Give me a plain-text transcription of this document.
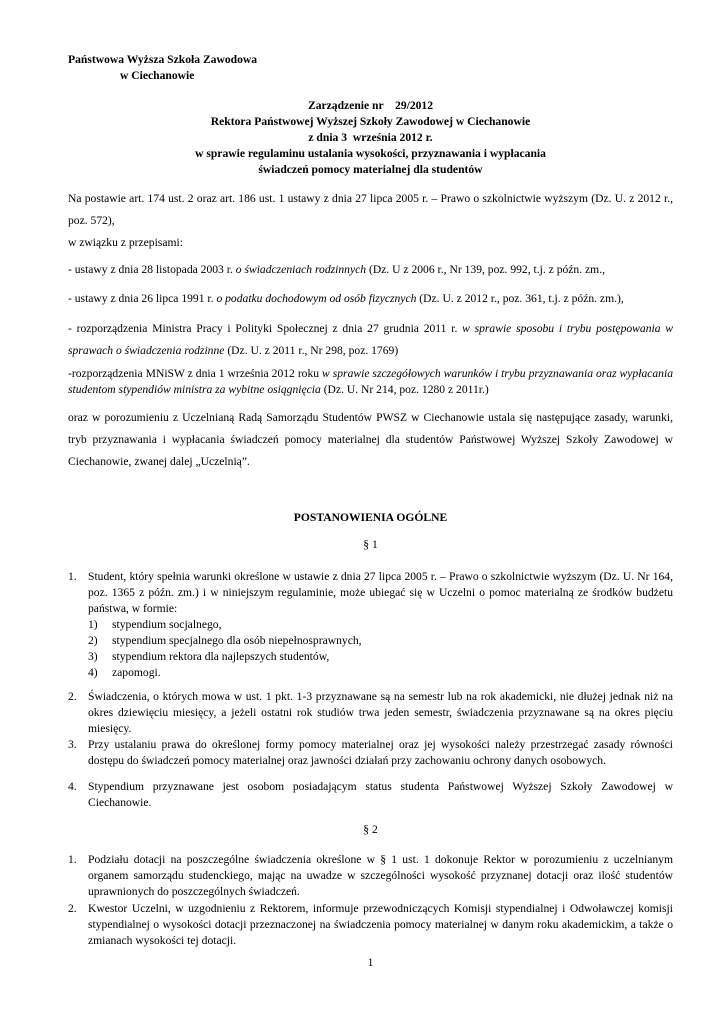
Państwowa Wyższa Szkoła Zawodowa

w Ciechanowie

Zarządzenie nr    29/2012
Rektora Państwowej Wyższej Szkoły Zawodowej w Ciechanowie
z dnia 3  września 2012 r.
w sprawie regulaminu ustalania wysokości, przyznawania i wypłacania
świadczeń pomocy materialnej dla studentów

Na postawie art. 174 ust. 2 oraz art. 186 ust. 1 ustawy z dnia 27 lipca 2005 r. – Prawo o szkolnictwie wyższym (Dz. U. z 2012 r., poz. 572),

w związku z przepisami:

- ustawy z dnia 28 listopada 2003 r. o świadczeniach rodzinnych (Dz. U z 2006 r., Nr 139, poz. 992, t.j. z późn. zm.,

- ustawy z dnia 26 lipca 1991 r. o podatku dochodowym od osób fizycznych (Dz. U. z 2012 r., poz. 361, t.j. z późn. zm.),

- rozporządzenia Ministra Pracy i Polityki Społecznej z dnia 27 grudnia 2011 r. w sprawie sposobu i trybu postępowania w sprawach o świadczenia rodzinne (Dz. U. z 2011 r., Nr 298, poz. 1769)

-rozporządzenia MNiSW z dnia 1 września 2012 roku w sprawie szczegółowych warunków i trybu przyznawania oraz wypłacania studentom stypendiów ministra za wybitne osiągnięcia (Dz. U. Nr 214, poz. 1280 z 2011r.)

oraz w porozumieniu z Uczelnianą Radą Samorządu Studentów PWSZ w Ciechanowie ustala się następujące zasady, warunki, tryb przyznawania i wypłacania świadczeń pomocy materialnej dla studentów Państwowej Wyższej Szkoły Zawodowej w Ciechanowie, zwanej dalej „Uczelnią”.

POSTANOWIENIA OGÓLNE

§ 1

1. Student, który spełnia warunki określone w ustawie z dnia 27 lipca 2005 r. – Prawo o szkolnictwie wyższym (Dz. U. Nr 164, poz. 1365 z późn. zm.) i w niniejszym regulaminie, może ubiegać się w Uczelni o pomoc materialną ze środków budżetu państwa, w formie:

1) stypendium socjalnego,
2) stypendium specjalnego dla osób niepełnosprawnych,
3) stypendium rektora dla najlepszych studentów,
4) zapomogi.
2. Świadczenia, o których mowa w ust. 1 pkt. 1-3 przyznawane są na semestr lub na rok akademicki, nie dłużej jednak niż na okres dziewięciu miesięcy, a jeżeli ostatni rok studiów trwa jeden semestr, świadczenia przyznawane są na okres pięciu miesięcy.

3. Przy ustalaniu prawa do określonej formy pomocy materialnej oraz jej wysokości należy przestrzegać zasady równości dostępu do świadczeń pomocy materialnej oraz jawności działań przy zachowaniu ochrony danych osobowych.

4. Stypendium przyznawane jest osobom posiadającym status studenta Państwowej Wyższej Szkoły Zawodowej w Ciechanowie.

§ 2

1. Podziału dotacji na poszczególne świadczenia określone w § 1 ust. 1 dokonuje Rektor w porozumieniu z uczelnianym organem samorządu studenckiego, mając na uwadze w szczególności wysokość przyznanej dotacji oraz ilość studentów uprawnionych do poszczególnych świadczeń.

2. Kwestor Uczelni, w uzgodnieniu z Rektorem, informuje przewodniczących Komisji stypendialnej i Odwoławczej komisji stypendialnej o wysokości dotacji przeznaczonej na świadczenia pomocy materialnej w danym roku akademickim, a także o zmianach wysokości tej dotacji.

1
